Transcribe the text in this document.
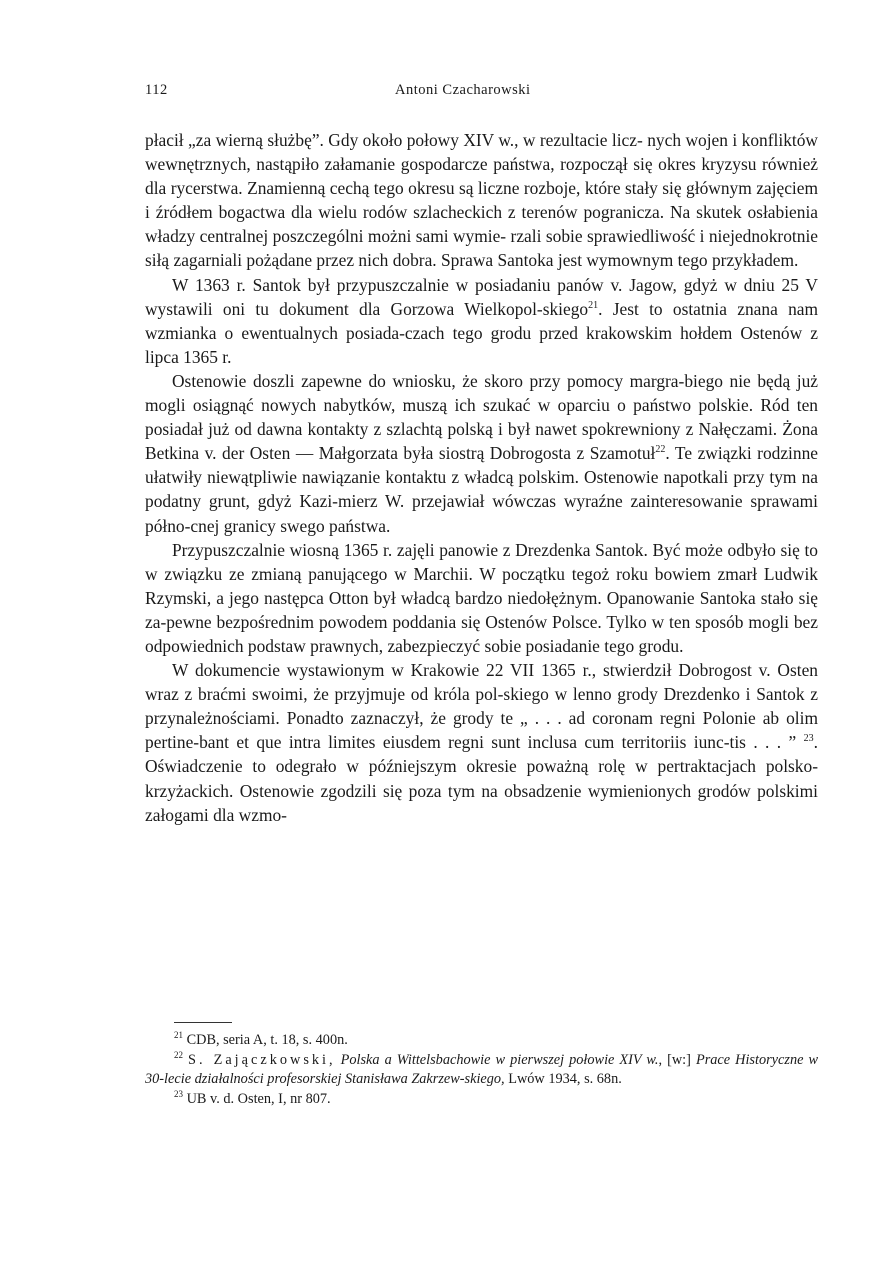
112	Antoni Czacharowski

płacił „za wierną służbę”. Gdy około połowy XIV w., w rezultacie licz- nych wojen i konfliktów wewnętrznych, nastąpiło załamanie gospodarcze państwa, rozpoczął się okres kryzysu również dla rycerstwa. Znamienną cechą tego okresu są liczne rozboje, które stały się głównym zajęciem i źródłem bogactwa dla wielu rodów szlacheckich z terenów pogranicza. Na skutek osłabienia władzy centralnej poszczególni możni sami wymie- rzali sobie sprawiedliwość i niejednokrotnie siłą zagarniali pożądane przez nich dobra. Sprawa Santoka jest wymownym tego przykładem.

W 1363 r. Santok był przypuszczalnie w posiadaniu panów v. Jagow, gdyż w dniu 25 V wystawili oni tu dokument dla Gorzowa Wielkopol-skiego$^{21}$. Jest to ostatnia znana nam wzmianka o ewentualnych posiada-czach tego grodu przed krakowskim hołdem Ostenów z lipca 1365 r.

Ostenowie doszli zapewne do wniosku, że skoro przy pomocy margra-biego nie będą już mogli osiągnąć nowych nabytków, muszą ich szukać w oparciu o państwo polskie. Ród ten posiadał już od dawna kontakty z szlachtą polską i był nawet spokrewniony z Nałęczami. Żona Betkina v. der Osten — Małgorzata była siostrą Dobrogosta z Szamotuł$^{22}$. Te związki rodzinne ułatwiły niewątpliwie nawiązanie kontaktu z władcą polskim. Ostenowie napotkali przy tym na podatny grunt, gdyż Kazi-mierz W. przejawiał wówczas wyraźne zainteresowanie sprawami półno-cnej granicy swego państwa.

Przypuszczalnie wiosną 1365 r. zajęli panowie z Drezdenka Santok. Być może odbyło się to w związku ze zmianą panującego w Marchii. W początku tegoż roku bowiem zmarł Ludwik Rzymski, a jego następca Otton był władcą bardzo niedołężnym. Opanowanie Santoka stało się za-pewne bezpośrednim powodem poddania się Ostenów Polsce. Tylko w ten sposób mogli bez odpowiednich podstaw prawnych, zabezpieczyć sobie posiadanie tego grodu.

W dokumencie wystawionym w Krakowie 22 VII 1365 r., stwierdził Dobrogost v. Osten wraz z braćmi swoimi, że przyjmuje od króla pol-skiego w lenno grody Drezdenko i Santok z przynależnościami. Ponadto zaznaczył, że grody te „ . . . ad coronam regni Polonie ab olim pertine-bant et que intra limites eiusdem regni sunt inclusa cum territoriis iunc-tis . . . ” $^{23}$. Oświadczenie to odegrało w późniejszym okresie poważną rolę w pertraktacjach polsko-krzyżackich. Ostenowie zgodzili się poza tym na obsadzenie wymienionych grodów polskimi załogami dla wzmo-

$^{21}$ CDB, seria A, t. 18, s. 400n.

$^{22}$ S. Zajączkowski, Polska a Wittelsbachowie w pierwszej połowie XIV w., [w:] Prace Historyczne w 30-lecie działalności profesorskiej Stanisława Zakrzew-skiego, Lwów 1934, s. 68n.

$^{23}$ UB v. d. Osten, I, nr 807.
